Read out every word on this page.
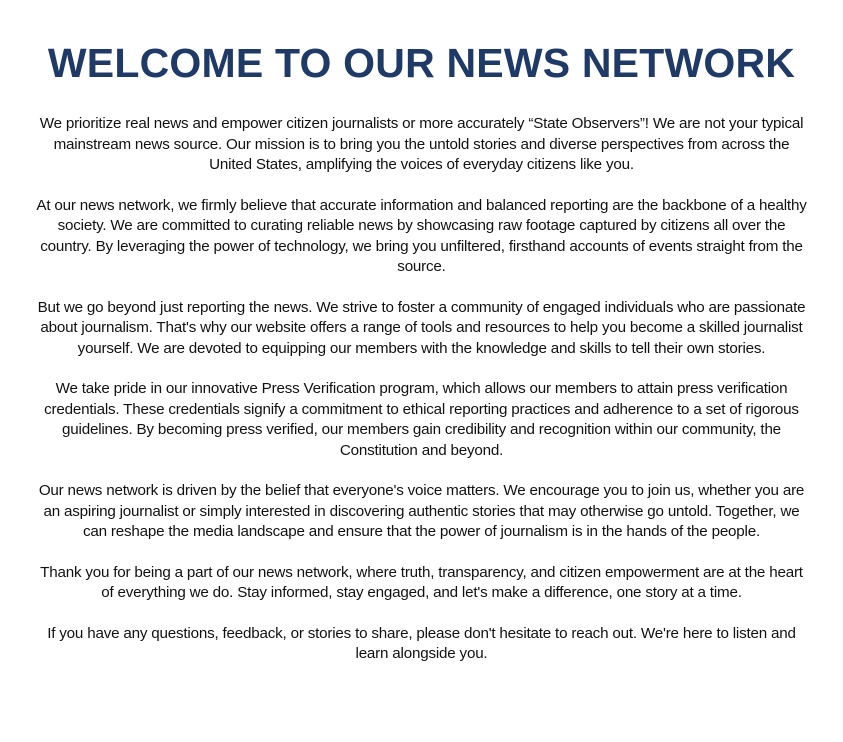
WELCOME TO OUR NEWS NETWORK

We prioritize real news and empower citizen journalists or more accurately “State Observers”! We are not your typical mainstream news source. Our mission is to bring you the untold stories and diverse perspectives from across the United States, amplifying the voices of everyday citizens like you.

At our news network, we firmly believe that accurate information and balanced reporting are the backbone of a healthy society. We are committed to curating reliable news by showcasing raw footage captured by citizens all over the country. By leveraging the power of technology, we bring you unfiltered, firsthand accounts of events straight from the source.

But we go beyond just reporting the news. We strive to foster a community of engaged individuals who are passionate about journalism. That's why our website offers a range of tools and resources to help you become a skilled journalist yourself. We are devoted to equipping our members with the knowledge and skills to tell their own stories.

We take pride in our innovative Press Verification program, which allows our members to attain press verification credentials. These credentials signify a commitment to ethical reporting practices and adherence to a set of rigorous guidelines. By becoming press verified, our members gain credibility and recognition within our community, the Constitution and beyond.

Our news network is driven by the belief that everyone's voice matters. We encourage you to join us, whether you are an aspiring journalist or simply interested in discovering authentic stories that may otherwise go untold. Together, we can reshape the media landscape and ensure that the power of journalism is in the hands of the people.

Thank you for being a part of our news network, where truth, transparency, and citizen empowerment are at the heart of everything we do. Stay informed, stay engaged, and let's make a difference, one story at a time.

If you have any questions, feedback, or stories to share, please don't hesitate to reach out. We're here to listen and learn alongside you.
